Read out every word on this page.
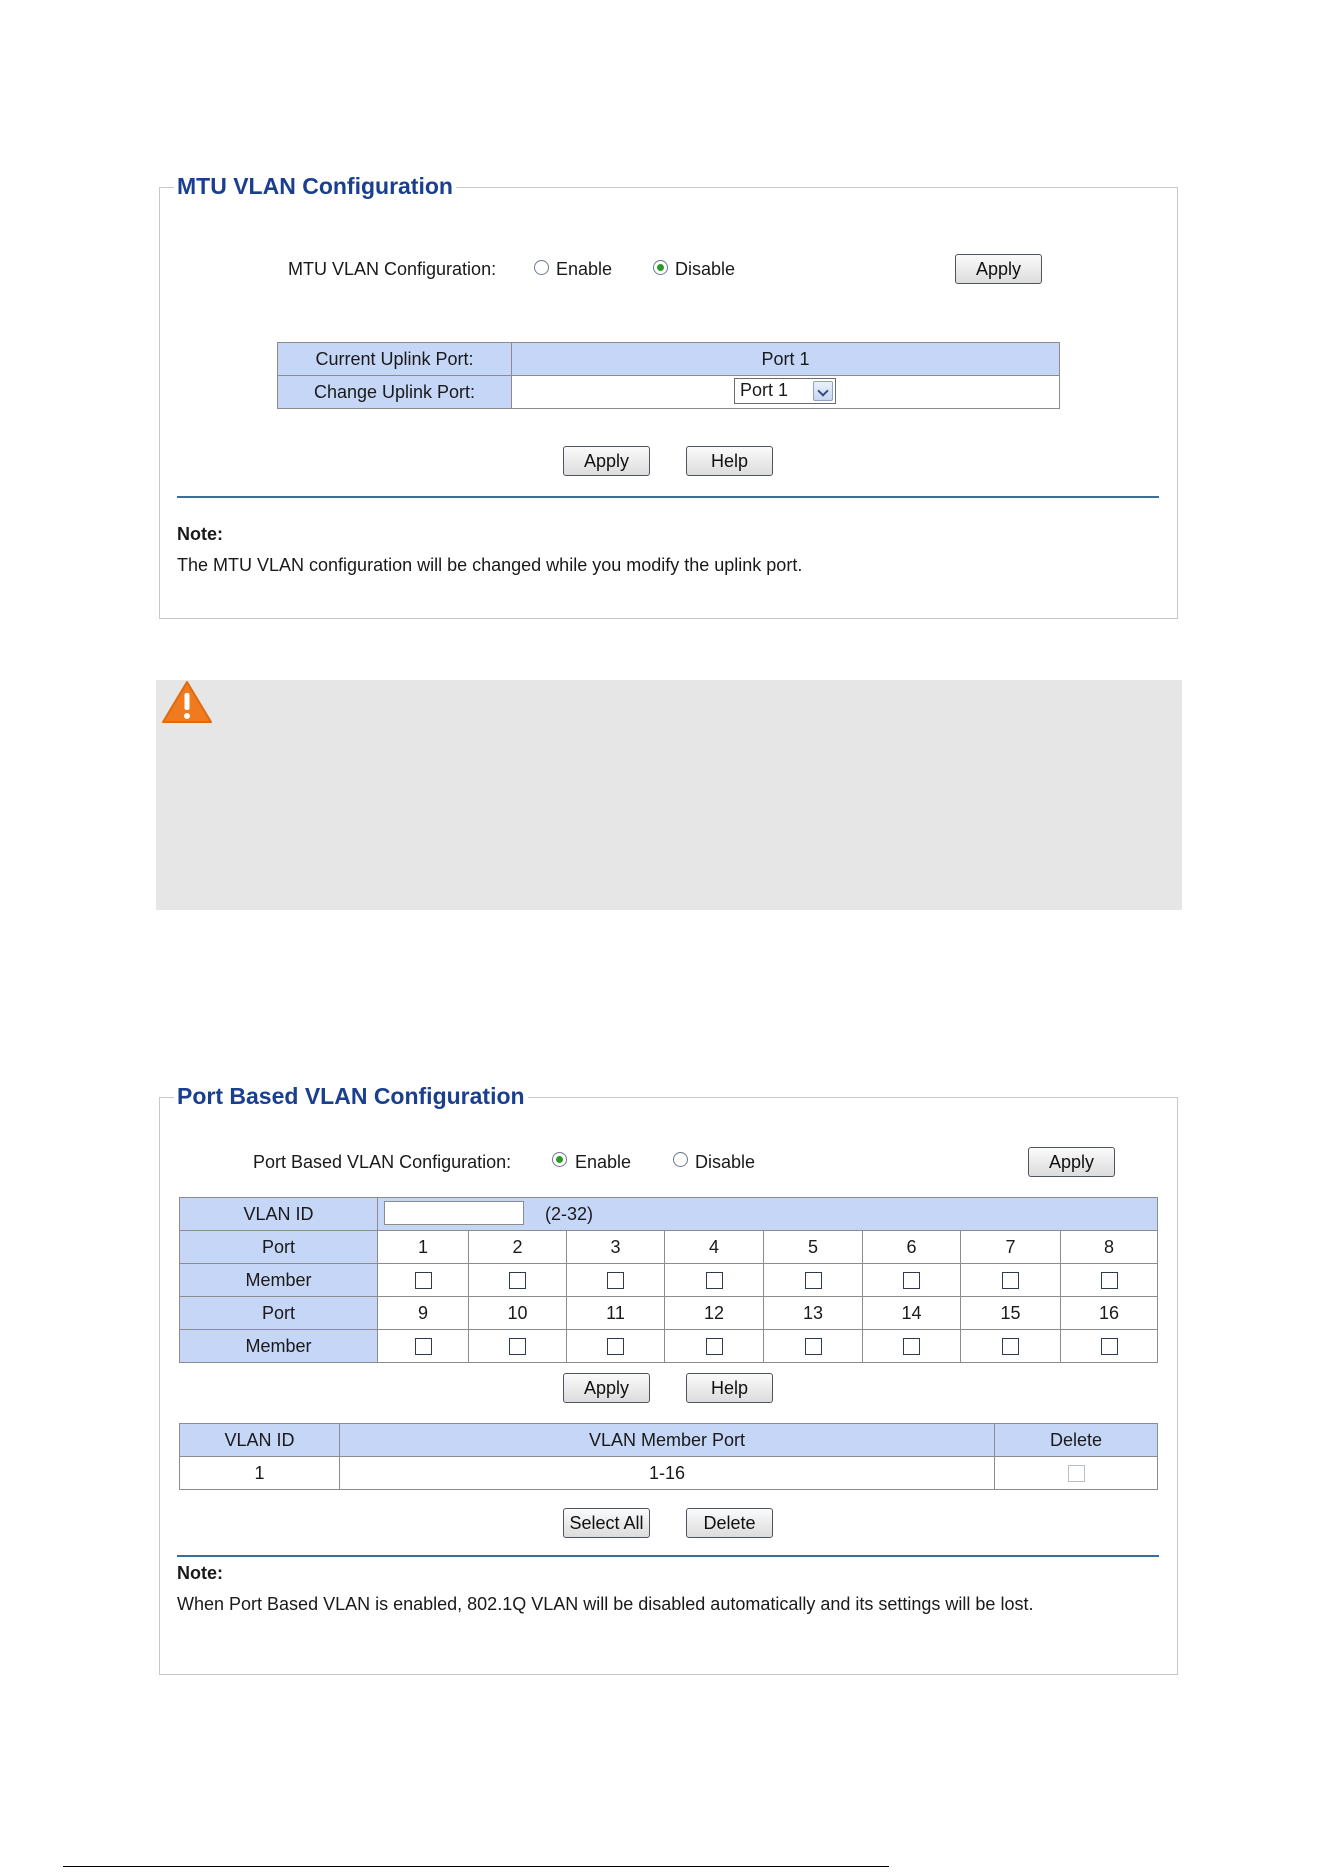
MTU VLAN Configuration
MTU VLAN Configuration:	Enable	Disable	Apply
Current Uplink Port:	Port 1
Change Uplink Port:		Port 1
Apply	Help
Note:
The MTU VLAN configuration will be changed while you modify the uplink port.
Port Based VLAN Configuration
Port Based VLAN Configuration:	Enable	Disable	Apply
VLAN ID	(2-32)							
Port	1	2	3	4	5	6	7	8
Member								
Port	9	10	11	12	13	14	15	16
Member								
Apply	Help
VLAN ID	VLAN Member Port	Delete
1	1-16	
Select All	Delete
Note:
When Port Based VLAN is enabled, 802.1Q VLAN will be disabled automatically and its settings will be lost.
